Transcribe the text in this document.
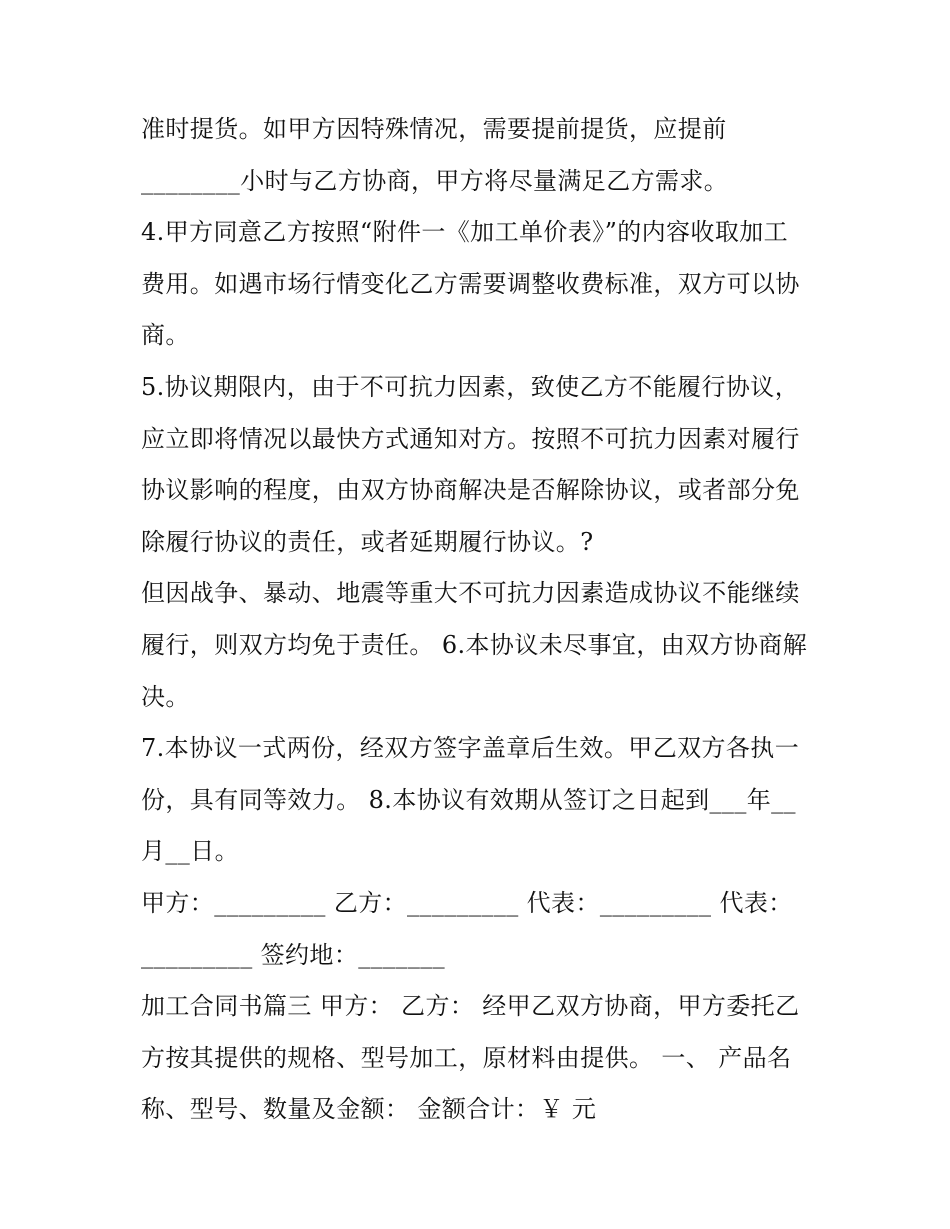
准时提货。如甲方因特殊情况，需要提前提货，应提前
________小时与乙方协商，甲方将尽量满足乙方需求。
4.甲方同意乙方按照“附件一《加工单价表》”的内容收取加工
费用。如遇市场行情变化乙方需要调整收费标准，双方可以协
商。
5.协议期限内，由于不可抗力因素，致使乙方不能履行协议，
应立即将情况以最快方式通知对方。按照不可抗力因素对履行
协议影响的程度，由双方协商解决是否解除协议，或者部分免
除履行协议的责任，或者延期履行协议。?
但因战争、暴动、地震等重大不可抗力因素造成协议不能继续
履行，则双方均免于责任。 6.本协议未尽事宜，由双方协商解
决。
7.本协议一式两份，经双方签字盖章后生效。甲乙双方各执一
份，具有同等效力。 8.本协议有效期从签订之日起到___年__
月__日。
甲方：_________ 乙方：_________ 代表：_________ 代表：
_________ 签约地：_______
加工合同书篇三 甲方： 乙方： 经甲乙双方协商，甲方委托乙
方按其提供的规格、型号加工，原材料由提供。 一、 产品名
称、型号、数量及金额： 金额合计：￥ 元
